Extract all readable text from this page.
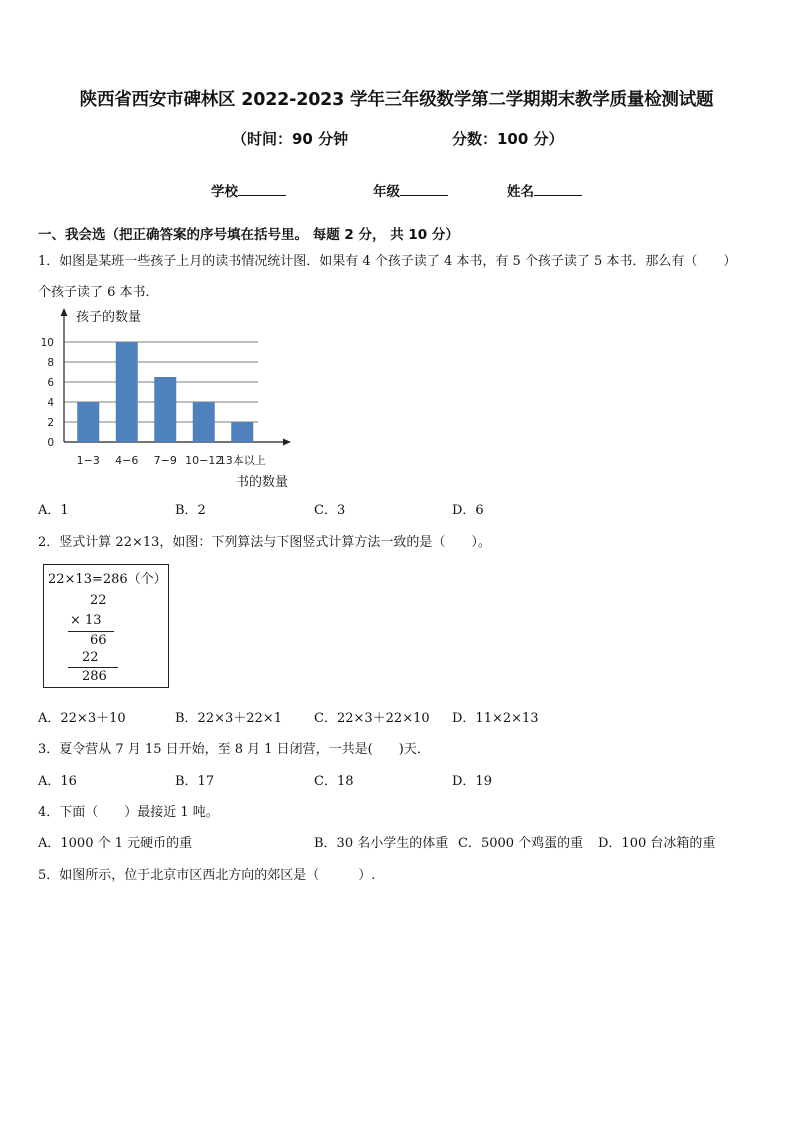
陕西省西安市碑林区 2022-2023 学年三年级数学第二学期期末教学质量检测试题
（时间：90 分钟	分数：100 分）
学校	年级	姓名
一、我会选（把正确答案的序号填在括号里。 每题 2 分， 共 10 分）
1．如图是某班一些孩子上月的读书情况统计图．如果有 4 个孩子读了 4 本书，有 5 个孩子读了 5 本书．那么有（　　）
个孩子读了 6 本书．
0
2
4
6
8
10
孩子的数量
书的数量
1−3 4−6 7−9 10−12
13本以上
A．1	B．2	C．3	D．6
2．竖式计算 22×13，如图：下列算法与下图竖式计算方法一致的是（　　）。
22×13=286（个）
22
× 13
66
22
286
A．22×3＋10	B．22×3＋22×1 C．22×3＋22×10 D．11×2×13
3．夏令营从 7 月 15 日开始，至 8 月 1 日闭营，一共是(　　)天．
A．16	B．17	C．18	D．19
4．下面（　　）最接近 1 吨。
A．1000 个 1 元硬币的重	B．30 名小学生的体重 C．5000 个鸡蛋的重 D．100 台冰箱的重
5．如图所示，位于北京市区西北方向的郊区是（　　　）.
